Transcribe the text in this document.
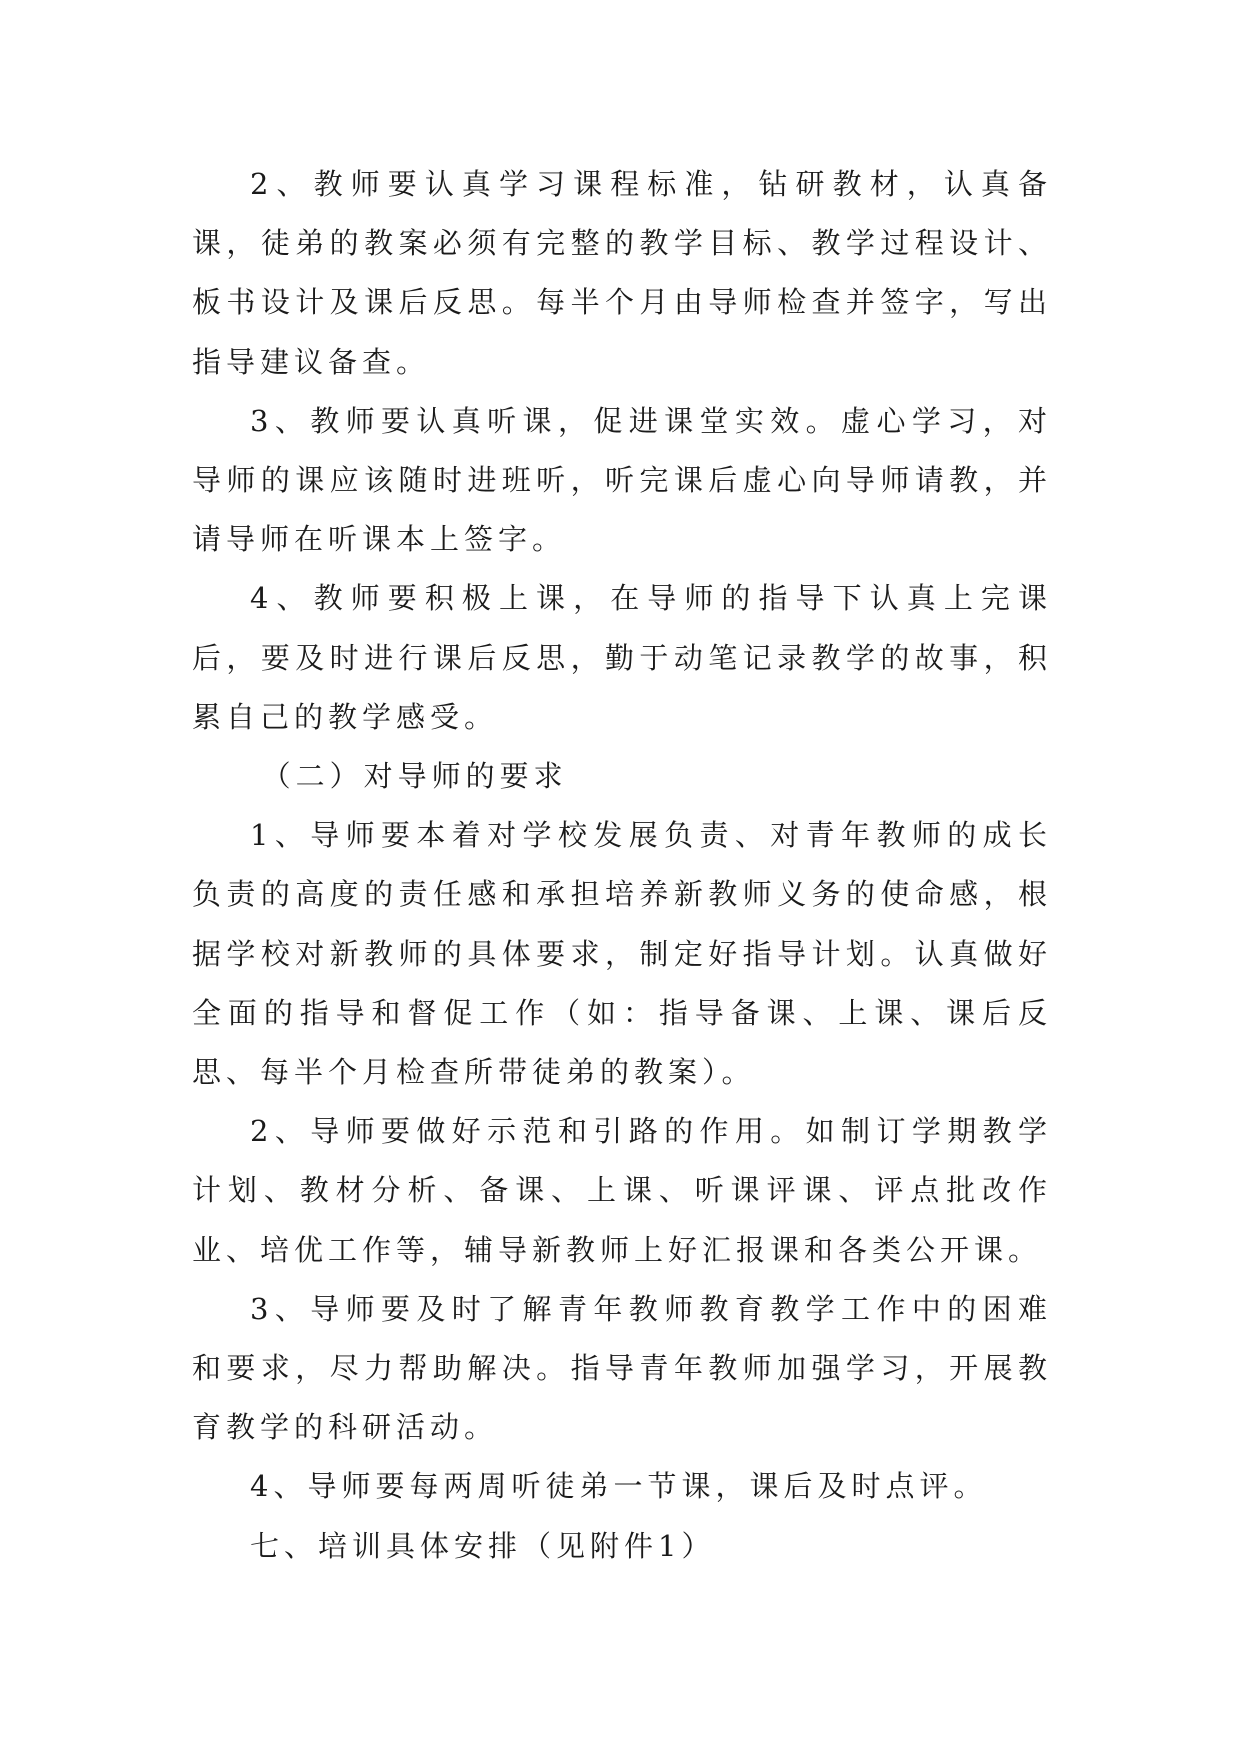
2、教师要认真学习课程标准，钻研教材，认真备课，徒弟的教案必须有完整的教学目标、教学过程设计、板书设计及课后反思。每半个月由导师检查并签字，写出指导建议备查。

3、教师要认真听课，促进课堂实效。虚心学习，对导师的课应该随时进班听，听完课后虚心向导师请教，并请导师在听课本上签字。

4、教师要积极上课，在导师的指导下认真上完课后，要及时进行课后反思，勤于动笔记录教学的故事，积累自己的教学感受。

（二）对导师的要求

1、导师要本着对学校发展负责、对青年教师的成长负责的高度的责任感和承担培养新教师义务的使命感，根据学校对新教师的具体要求，制定好指导计划。认真做好全面的指导和督促工作（如：指导备课、上课、课后反思、每半个月检查所带徒弟的教案）。

2、导师要做好示范和引路的作用。如制订学期教学计划、教材分析、备课、上课、听课评课、评点批改作业、培优工作等，辅导新教师上好汇报课和各类公开课。

3、导师要及时了解青年教师教育教学工作中的困难和要求，尽力帮助解决。指导青年教师加强学习，开展教育教学的科研活动。

4、导师要每两周听徒弟一节课，课后及时点评。

七、培训具体安排（见附件1）
